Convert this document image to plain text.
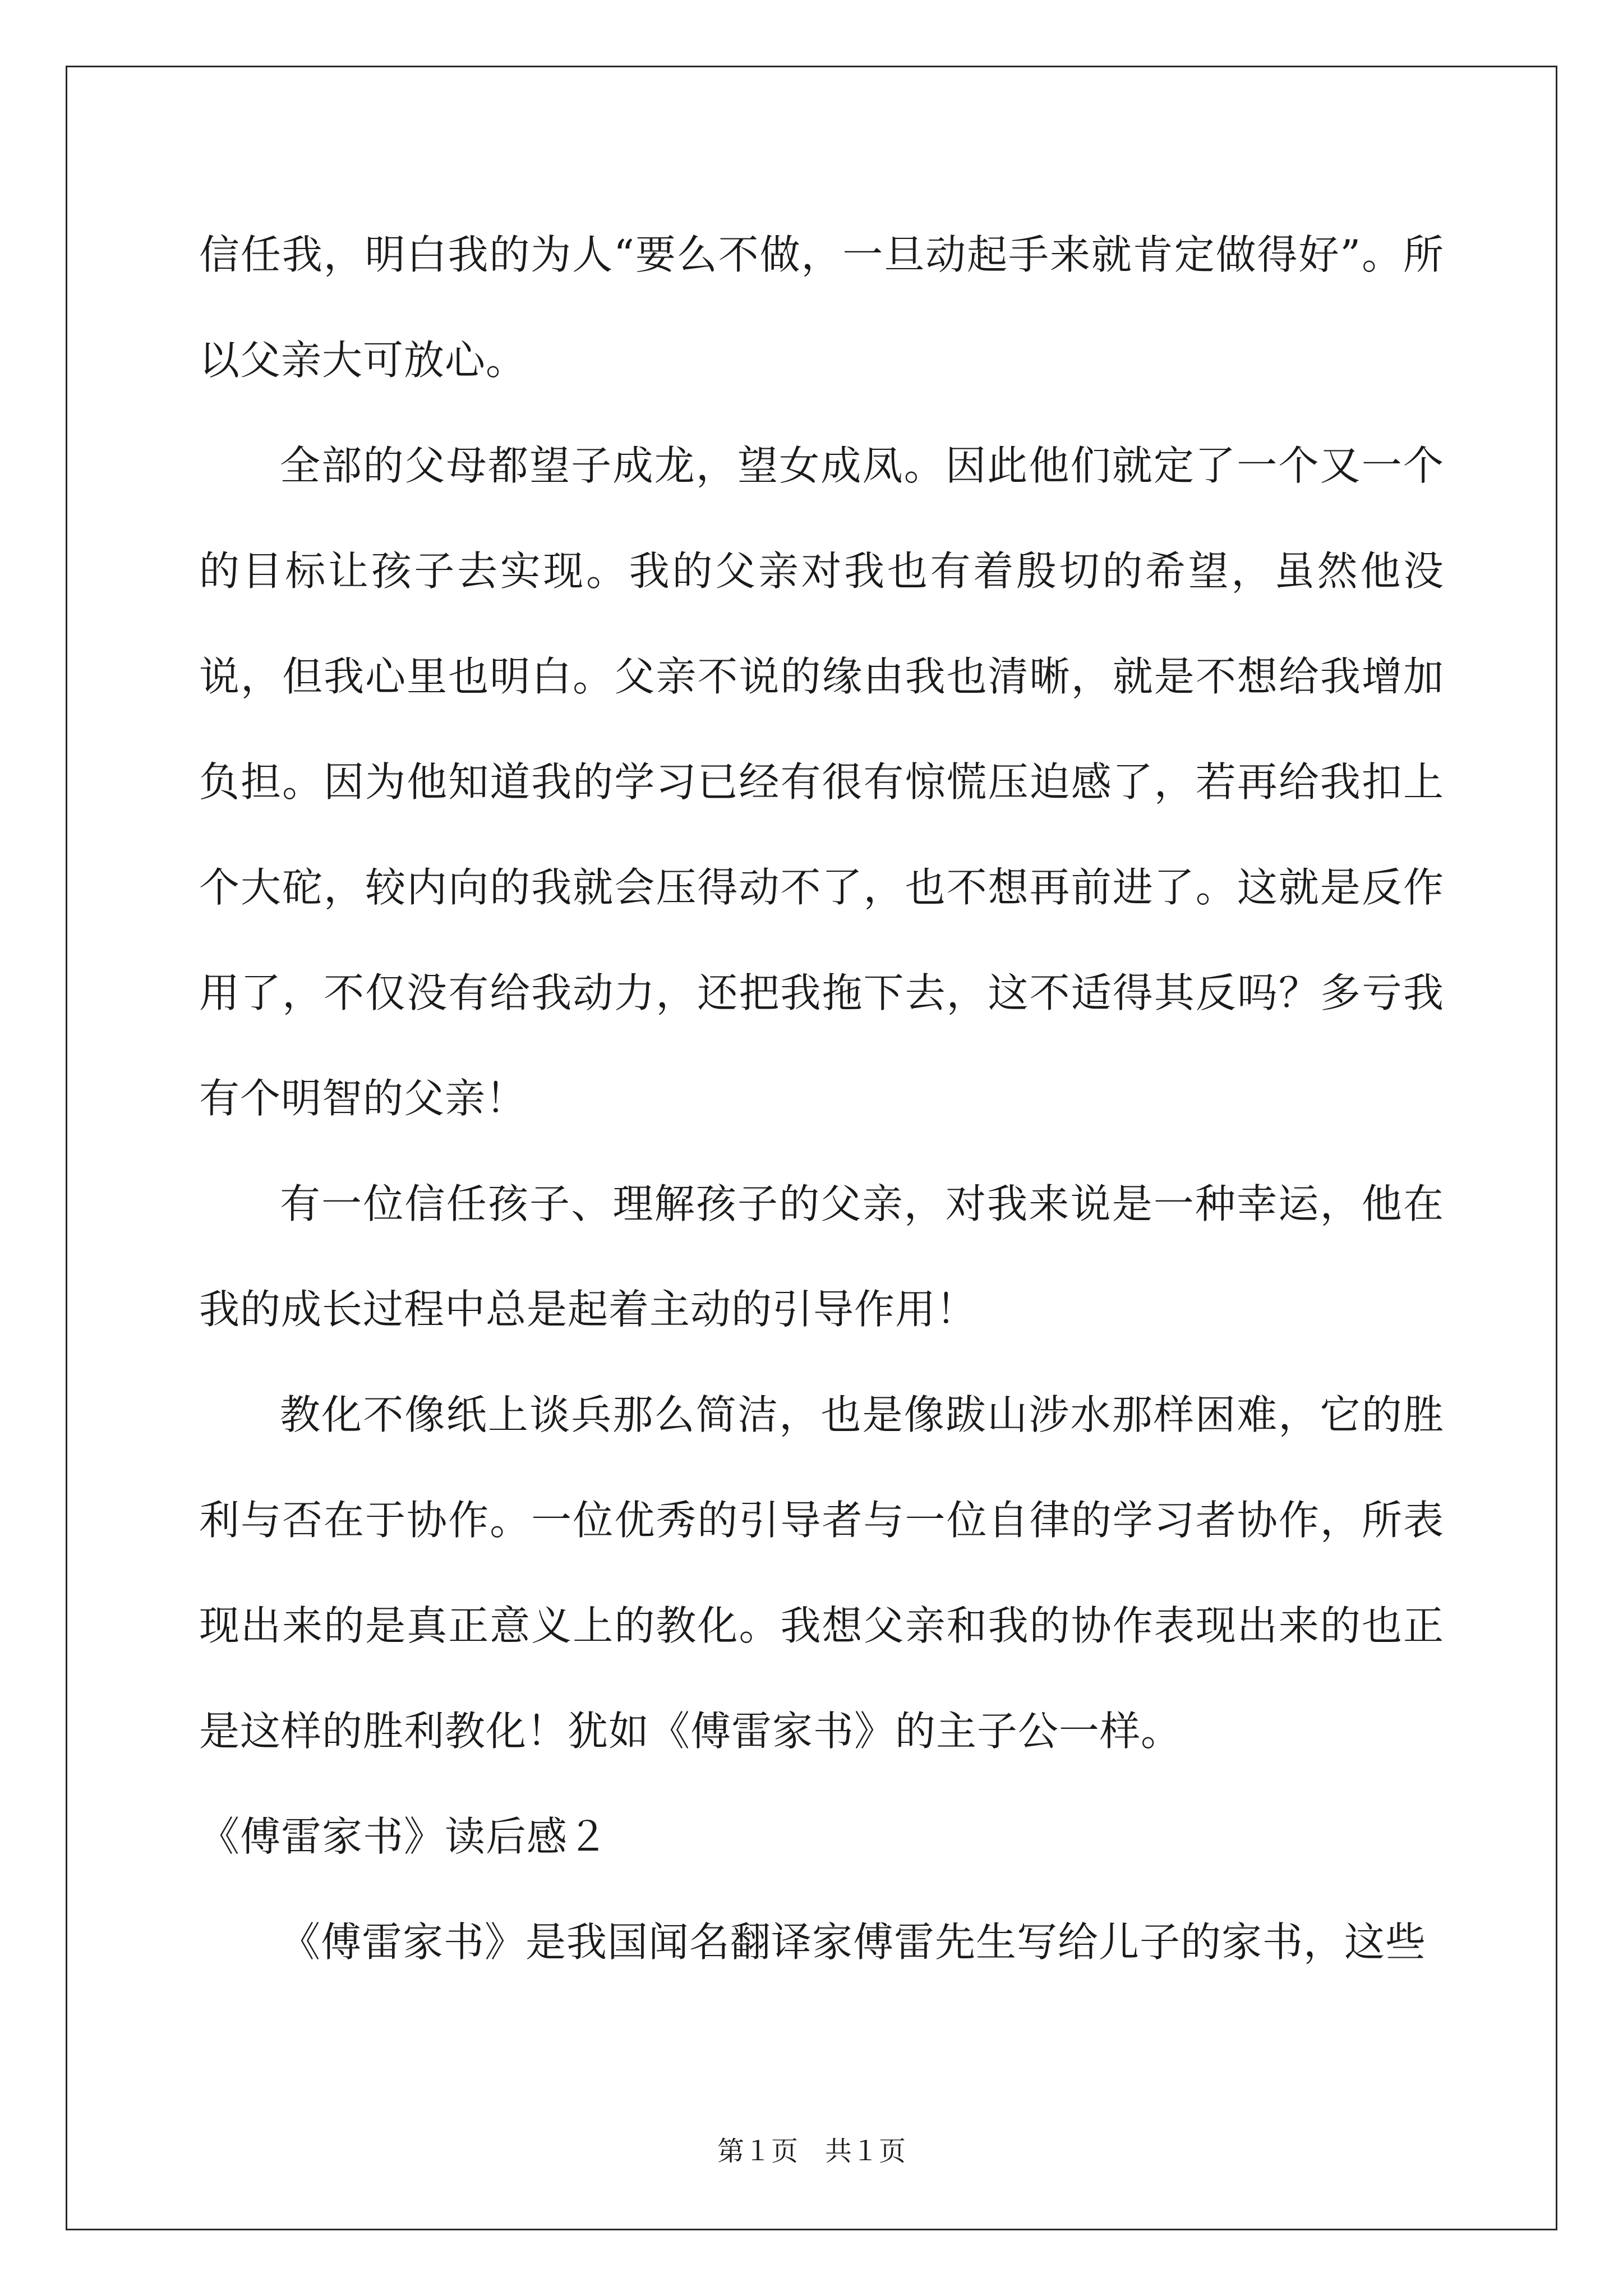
信任我，明白我的为人“要么不做，一旦动起手来就肯定做得好”。所以父亲大可放心。

全部的父母都望子成龙，望女成凤。因此他们就定了一个又一个的目标让孩子去实现。我的父亲对我也有着殷切的希望，虽然他没说，但我心里也明白。父亲不说的缘由我也清晰，就是不想给我增加负担。因为他知道我的学习已经有很有惊慌压迫感了，若再给我扣上个大砣，较内向的我就会压得动不了，也不想再前进了。这就是反作用了，不仅没有给我动力，还把我拖下去，这不适得其反吗？多亏我有个明智的父亲！

有一位信任孩子、理解孩子的父亲，对我来说是一种幸运，他在我的成长过程中总是起着主动的引导作用！

教化不像纸上谈兵那么简洁，也是像跋山涉水那样困难，它的胜利与否在于协作。一位优秀的引导者与一位自律的学习者协作，所表现出来的是真正意义上的教化。我想父亲和我的协作表现出来的也正是这样的胜利教化！犹如《傅雷家书》的主子公一样。

《傅雷家书》读后感２

《傅雷家书》是我国闻名翻译家傅雷先生写给儿子的家书，这些

第１页　共１页
